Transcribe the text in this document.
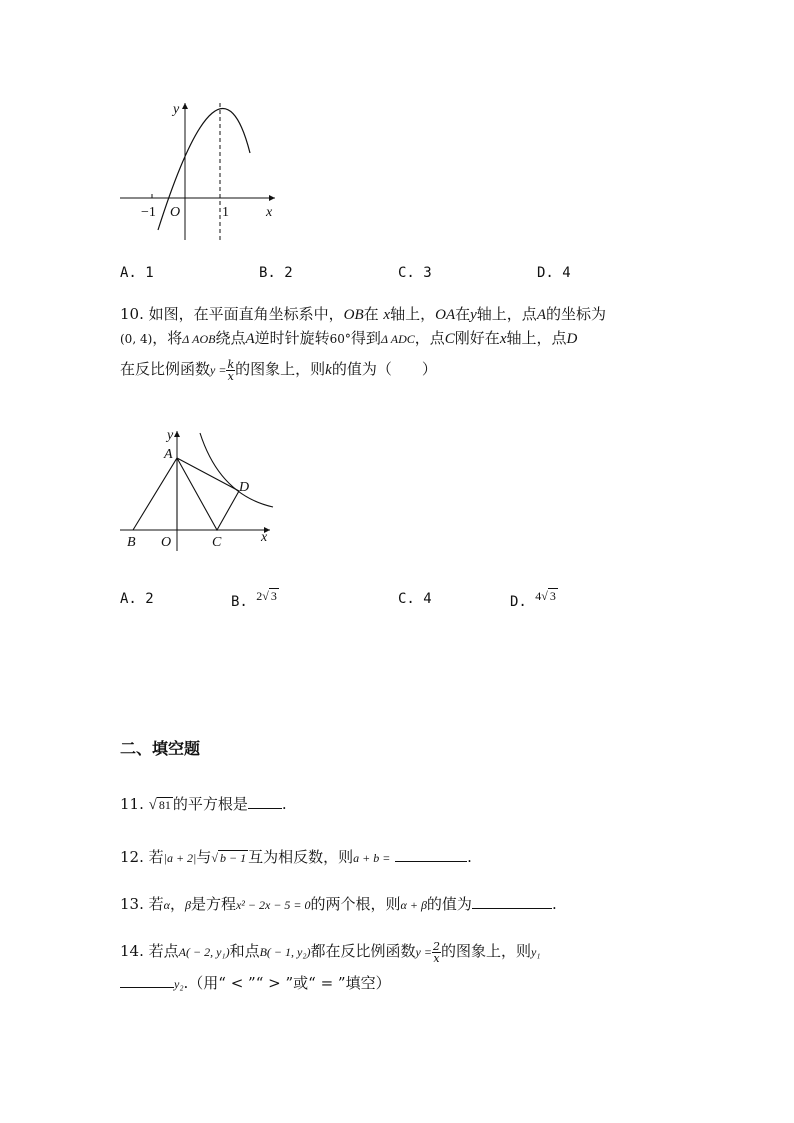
y
x
O
−1	1
A. 1	B. 2	C. 3	D. 4
10. 如图，在平面直角坐标系中，OB在 x轴上，OA在y轴上，点A的坐标为
(0, 4)，将Δ AOB绕点A逆时针旋转60°得到Δ ADC，点C刚好在x轴上，点D
在反比例函数$y = \frac{k}{x}$ 的图象上，则k的值为（　　）
y
x
A
B O	C
D
A. 2	B. 2√ 3	C. 4	D. 4√ 3
二、填空题
11. √ 81 的平方根是 .
12. 若|a + 2|与√ b − 1 互为相反数，则a + b =	.
13. 若α，β是方程x² − 2x − 5 = 0的两个根，则α + β的值为	.
14. 若点A( − 2, y₁)和点B( − 1, y₂)都在反比例函数$y = \frac{2}{x}$ 的图象上，则y₁
y₂.（用“ < ”“ > ”或“ = ”填空）
